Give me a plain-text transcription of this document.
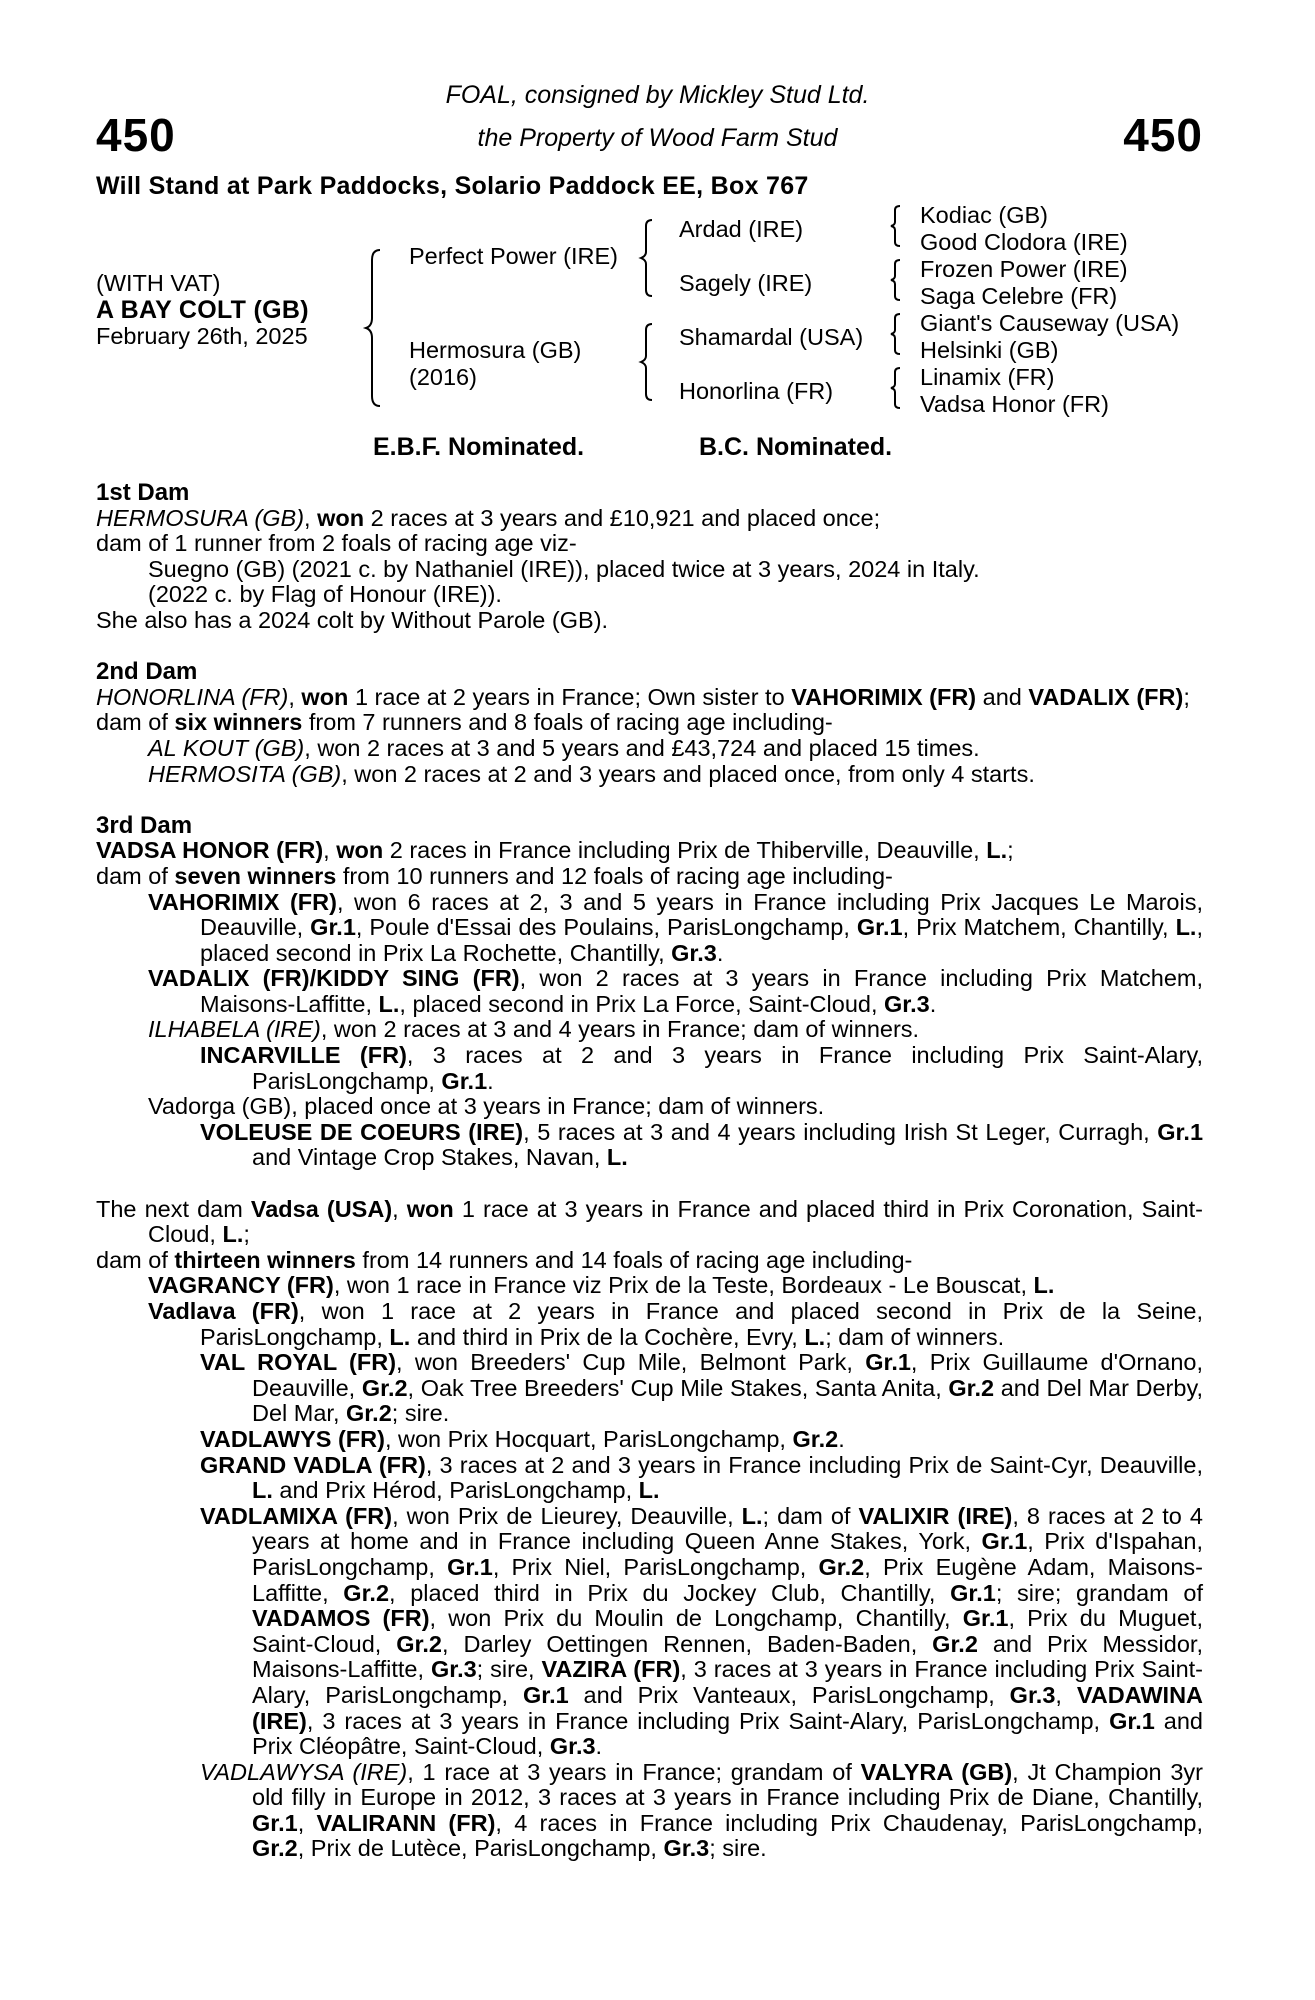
450	450
FOAL, consigned by Mickley Stud Ltd.
the Property of Wood Farm Stud
Will Stand at Park Paddocks, Solario Paddock EE, Box 767
(WITH VAT)
A BAY COLT (GB)
February 26th, 2025
Perfect Power (IRE)
Hermosura (GB)
(2016)
Ardad (IRE)
Sagely (IRE)
Shamardal (USA)
Honorlina (FR)
Kodiac (GB)
Good Clodora (IRE)
Frozen Power (IRE)
Saga Celebre (FR)
Giant's Causeway (USA)
Helsinki (GB)
Linamix (FR)
Vadsa Honor (FR)
E.B.F. Nominated.	B.C. Nominated.
1st Dam
HERMOSURA (GB), won 2 races at 3 years and £10,921 and placed once;
dam of 1 runner from 2 foals of racing age viz-
Suegno (GB) (2021 c. by Nathaniel (IRE)), placed twice at 3 years, 2024 in Italy.
(2022 c. by Flag of Honour (IRE)).
She also has a 2024 colt by Without Parole (GB).
2nd Dam
HONORLINA (FR), won 1 race at 2 years in France; Own sister to VAHORIMIX (FR) and VADALIX (FR);
dam of six winners from 7 runners and 8 foals of racing age including-
AL KOUT (GB), won 2 races at 3 and 5 years and £43,724 and placed 15 times.
HERMOSITA (GB), won 2 races at 2 and 3 years and placed once, from only 4 starts.
3rd Dam
VADSA HONOR (FR), won 2 races in France including Prix de Thiberville, Deauville, L.;
dam of seven winners from 10 runners and 12 foals of racing age including-
VAHORIMIX (FR), won 6 races at 2, 3 and 5 years in France including Prix Jacques Le Marois, Deauville, Gr.1, Poule d'Essai des Poulains, ParisLongchamp, Gr.1, Prix Matchem, Chantilly, L., placed second in Prix La Rochette, Chantilly, Gr.3.
VADALIX (FR)/KIDDY SING (FR), won 2 races at 3 years in France including Prix Matchem, Maisons-Laffitte, L., placed second in Prix La Force, Saint-Cloud, Gr.3.
ILHABELA (IRE), won 2 races at 3 and 4 years in France; dam of winners.
INCARVILLE (FR), 3 races at 2 and 3 years in France including Prix Saint-Alary, ParisLongchamp, Gr.1.
Vadorga (GB), placed once at 3 years in France; dam of winners.
VOLEUSE DE COEURS (IRE), 5 races at 3 and 4 years including Irish St Leger, Curragh, Gr.1 and Vintage Crop Stakes, Navan, L.
The next dam Vadsa (USA), won 1 race at 3 years in France and placed third in Prix Coronation, Saint-Cloud, L.;
dam of thirteen winners from 14 runners and 14 foals of racing age including-
VAGRANCY (FR), won 1 race in France viz Prix de la Teste, Bordeaux - Le Bouscat, L.
Vadlava (FR), won 1 race at 2 years in France and placed second in Prix de la Seine, ParisLongchamp, L. and third in Prix de la Cochère, Evry, L.; dam of winners.
VAL ROYAL (FR), won Breeders' Cup Mile, Belmont Park, Gr.1, Prix Guillaume d'Ornano, Deauville, Gr.2, Oak Tree Breeders' Cup Mile Stakes, Santa Anita, Gr.2 and Del Mar Derby, Del Mar, Gr.2; sire.
VADLAWYS (FR), won Prix Hocquart, ParisLongchamp, Gr.2.
GRAND VADLA (FR), 3 races at 2 and 3 years in France including Prix de Saint-Cyr, Deauville, L. and Prix Hérod, ParisLongchamp, L.
VADLAMIXA (FR), won Prix de Lieurey, Deauville, L.; dam of VALIXIR (IRE), 8 races at 2 to 4 years at home and in France including Queen Anne Stakes, York, Gr.1, Prix d'Ispahan, ParisLongchamp, Gr.1, Prix Niel, ParisLongchamp, Gr.2, Prix Eugène Adam, Maisons-Laffitte, Gr.2, placed third in Prix du Jockey Club, Chantilly, Gr.1; sire; grandam of VADAMOS (FR), won Prix du Moulin de Longchamp, Chantilly, Gr.1, Prix du Muguet, Saint-Cloud, Gr.2, Darley Oettingen Rennen, Baden-Baden, Gr.2 and Prix Messidor, Maisons-Laffitte, Gr.3; sire, VAZIRA (FR), 3 races at 3 years in France including Prix Saint-Alary, ParisLongchamp, Gr.1 and Prix Vanteaux, ParisLongchamp, Gr.3, VADAWINA (IRE), 3 races at 3 years in France including Prix Saint-Alary, ParisLongchamp, Gr.1 and Prix Cléopâtre, Saint-Cloud, Gr.3.
VADLAWYSA (IRE), 1 race at 3 years in France; grandam of VALYRA (GB), Jt Champion 3yr old filly in Europe in 2012, 3 races at 3 years in France including Prix de Diane, Chantilly, Gr.1, VALIRANN (FR), 4 races in France including Prix Chaudenay, ParisLongchamp, Gr.2, Prix de Lutèce, ParisLongchamp, Gr.3; sire.
